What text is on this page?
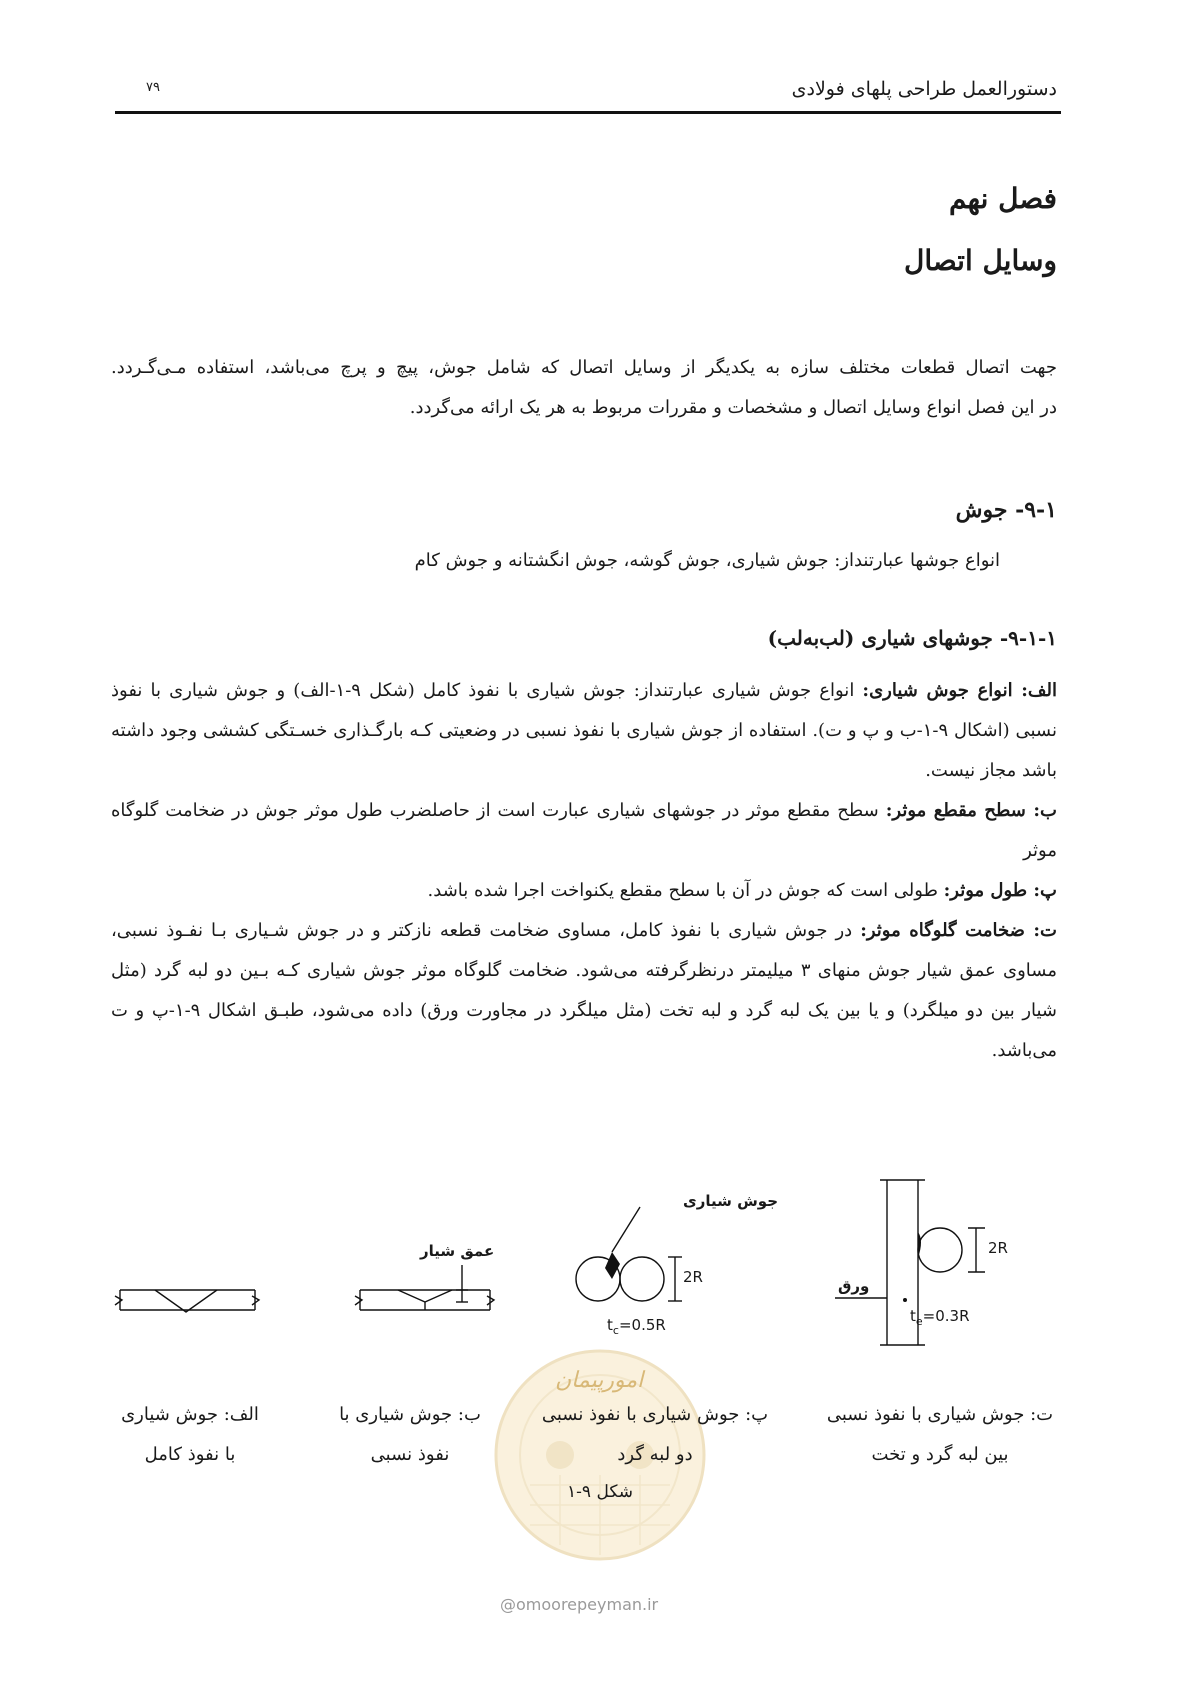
دستورالعمل طراحی پلهای فولادی
۷۹
فصل نهم
وسایل اتصال
جهت اتصال قطعات مختلف سازه به یکدیگر از وسایل اتصال که شامل جوش، پیچ و پرچ می‌باشد، استفاده مـی‌گـردد.
در این فصل انواع وسایل اتصال و مشخصات و مقررات مربوط به هر یک ارائه می‌گردد.
۹-۱- جوش
انواع جوشها عبارتنداز: جوش شیاری، جوش گوشه، جوش انگشتانه و جوش کام
۹-۱-۱- جوشهای شیاری (لب‌به‌لب)
الف: انواع جوش شیاری: انواع جوش شیاری عبارتنداز: جوش شیاری با نفوذ کامل (شکل ۹-۱-الف) و جوش شیاری با نفوذ نسبی (اشکال ۹-۱-ب و پ و ت). استفاده از جوش شیاری با نفوذ نسبی در وضعیتی کـه بارگـذاری خسـتگی کششی وجود داشته باشد مجاز نیست.
ب: سطح مقطع موثر: سطح مقطع موثر در جوشهای شیاری عبارت است از حاصلضرب طول موثر جوش در ضخامت گلوگاه موثر
پ: طول موثر: طولی است که جوش در آن با سطح مقطع یکنواخت اجرا شده باشد.
ت: ضخامت گلوگاه موثر: در جوش شیاری با نفوذ کامل، مساوی ضخامت قطعه نازکتر و در جوش شـیاری بـا نفـوذ نسبی، مساوی عمق شیار جوش منهای ۳ میلیمتر درنظرگرفته می‌شود. ضخامت گلوگاه موثر جوش شیاری کـه بـین دو لبه گرد (مثل شیار بین دو میلگرد) و یا بین یک لبه گرد و لبه تخت (مثل میلگرد در مجاورت ورق) داده می‌شود، طبـق اشکال ۹-۱-پ و ت می‌باشد.
جوش شیاری
عمق شیار
ورق
2R
2R
$t_c=0.5R$	$t_e=0.3R$
امورپیمان
@omoorepeyman.ir
الف: جوش شیاری
با نفوذ کامل
ب: جوش شیاری با
نفوذ نسبی
پ: جوش شیاری با نفوذ نسبی
دو لبه گرد
ت: جوش شیاری با نفوذ نسبی
بین لبه گرد و تخت
شکل ۹-۱
